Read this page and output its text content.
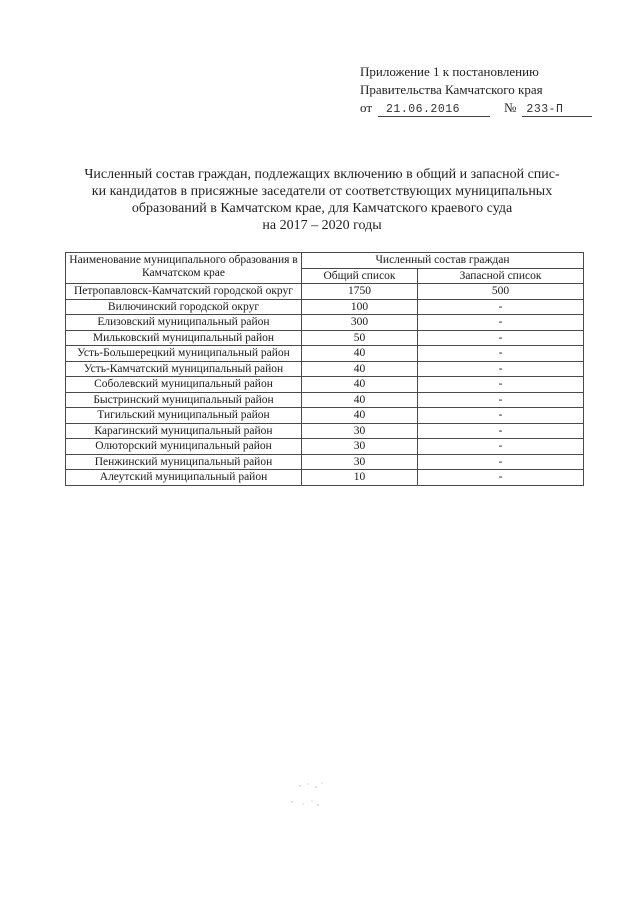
Приложение 1 к постановлению
Правительства Камчатского края
от 21.06.2016	№ 233-П
Численный состав граждан, подлежащих включению в общий и запасной спис-
ки кандидатов в присяжные заседатели от соответствующих муниципальных
образований в Камчатском крае, для Камчатского краевого суда
на 2017 – 2020 годы
Наименование муниципального образования в Камчатском крае	Численный состав граждан	
	Общий список	Запасной список
Петропавловск-Камчатский городской округ	1750	500
Вилючинский городской округ	100	-
Елизовский муниципальный район	300	-
Мильковский муниципальный район	50	-
Усть-Большерецкий муниципальный район	40	-
Усть-Камчатский муниципальный район	40	-
Соболевский муниципальный район	40	-
Быстринский муниципальный район	40	-
Тигильский муниципальный район	40	-
Карагинский муниципальный район	30	-
Олюторский муниципальный район	30	-
Пенжинский муниципальный район	30	-
Алеутский муниципальный район	10	-
